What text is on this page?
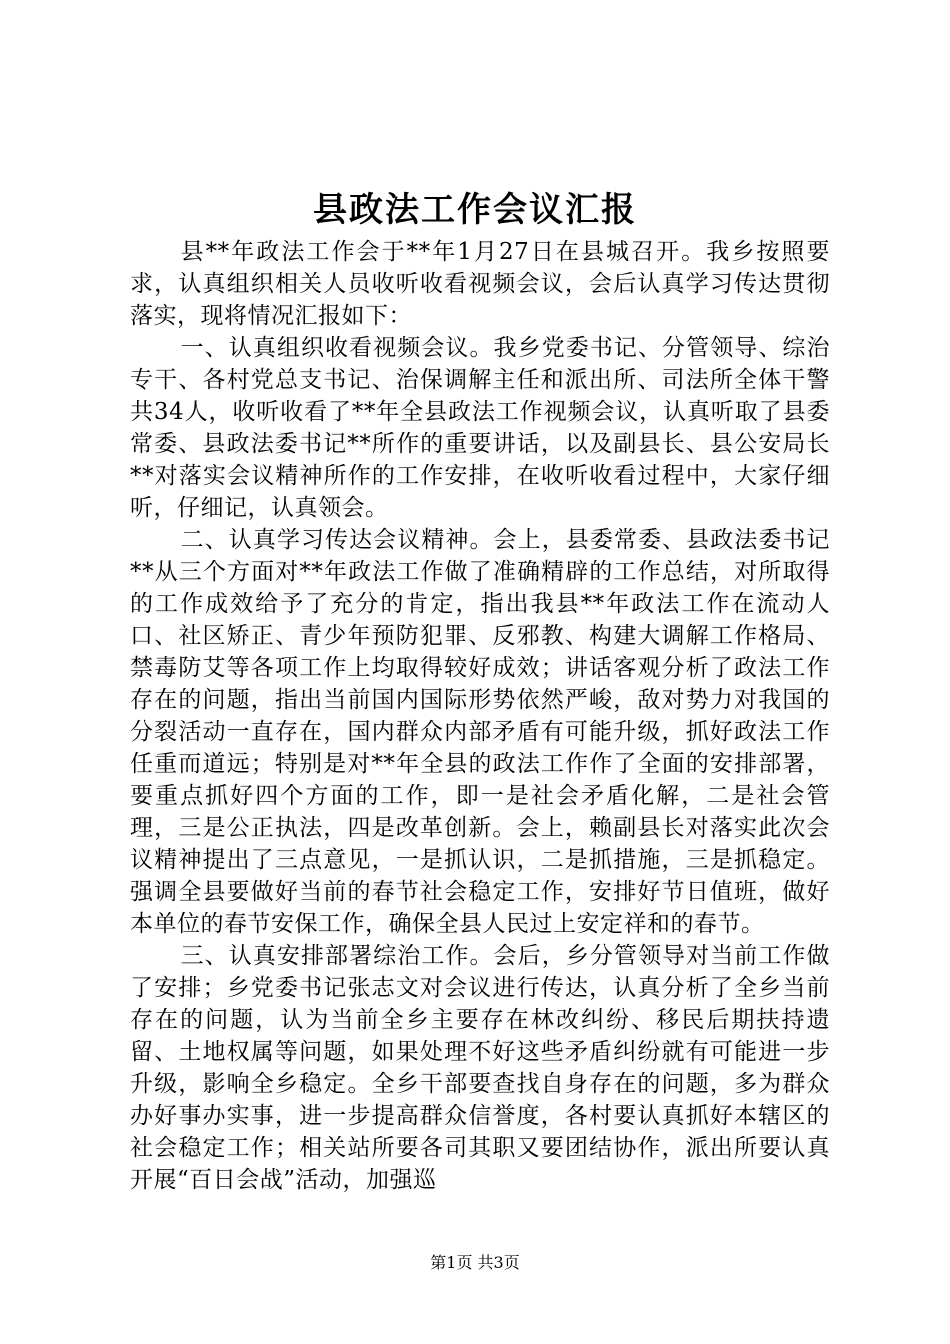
县政法工作会议汇报

县**年政法工作会于**年1月27日在县城召开。我乡按照要求，认真组织相关人员收听收看视频会议，会后认真学习传达贯彻落实，现将情况汇报如下：

一、认真组织收看视频会议。我乡党委书记、分管领导、综治专干、各村党总支书记、治保调解主任和派出所、司法所全体干警共34人，收听收看了**年全县政法工作视频会议，认真听取了县委常委、县政法委书记**所作的重要讲话，以及副县长、县公安局长**对落实会议精神所作的工作安排，在收听收看过程中，大家仔细听，仔细记，认真领会。

二、认真学习传达会议精神。会上，县委常委、县政法委书记**从三个方面对**年政法工作做了准确精辟的工作总结，对所取得的工作成效给予了充分的肯定，指出我县**年政法工作在流动人口、社区矫正、青少年预防犯罪、反邪教、构建大调解工作格局、禁毒防艾等各项工作上均取得较好成效；讲话客观分析了政法工作存在的问题，指出当前国内国际形势依然严峻，敌对势力对我国的分裂活动一直存在，国内群众内部矛盾有可能升级，抓好政法工作任重而道远；特别是对**年全县的政法工作作了全面的安排部署，要重点抓好四个方面的工作，即一是社会矛盾化解，二是社会管理，三是公正执法，四是改革创新。会上，赖副县长对落实此次会议精神提出了三点意见，一是抓认识，二是抓措施，三是抓稳定。强调全县要做好当前的春节社会稳定工作，安排好节日值班，做好本单位的春节安保工作，确保全县人民过上安定祥和的春节。

三、认真安排部署综治工作。会后，乡分管领导对当前工作做了安排；乡党委书记张志文对会议进行传达，认真分析了全乡当前存在的问题，认为当前全乡主要存在林改纠纷、移民后期扶持遗留、土地权属等问题，如果处理不好这些矛盾纠纷就有可能进一步升级，影响全乡稳定。全乡干部要查找自身存在的问题，多为群众办好事办实事，进一步提高群众信誉度，各村要认真抓好本辖区的社会稳定工作；相关站所要各司其职又要团结协作，派出所要认真开展“百日会战”活动，加强巡

第1页 共3页
